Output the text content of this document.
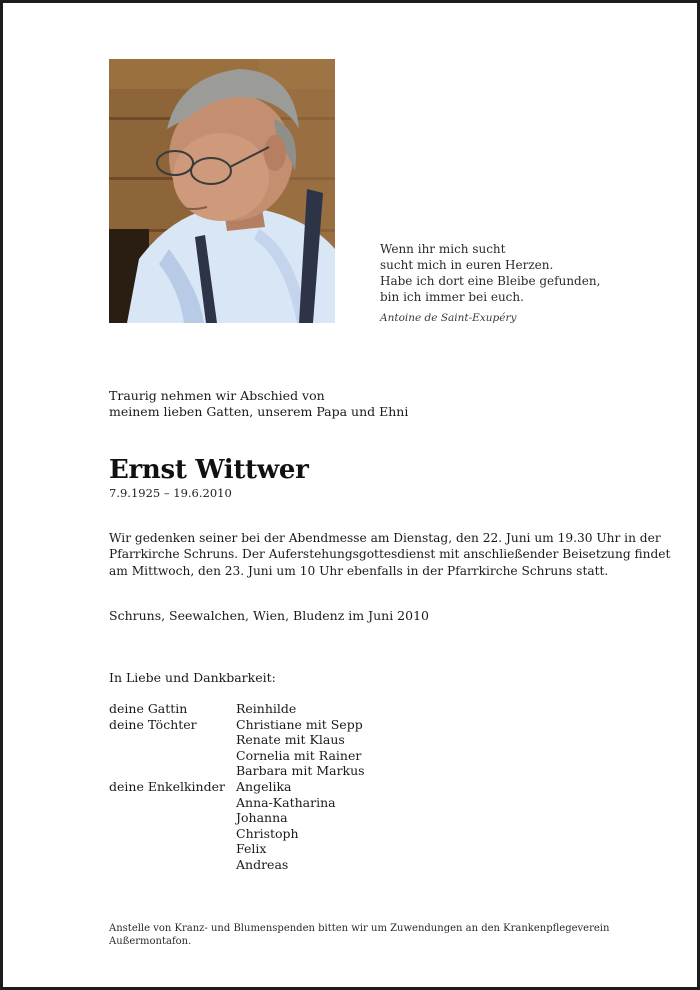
Wenn ihr mich sucht
sucht mich in euren Herzen.
Habe ich dort eine Bleibe gefunden,
bin ich immer bei euch.
Antoine de Saint-Exupéry
Traurig nehmen wir Abschied von
meinem lieben Gatten, unserem Papa und Ehni
Ernst Wittwer
7.9.1925 – 19.6.2010
Wir gedenken seiner bei der Abendmesse am Dienstag, den 22. Juni um 19.30 Uhr in der
Pfarrkirche Schruns. Der Auferstehungsgottesdienst mit anschließender Beisetzung findet
am Mittwoch, den 23. Juni um 10 Uhr ebenfalls in der Pfarrkirche Schruns statt.
Schruns, Seewalchen, Wien, Bludenz im Juni 2010
In Liebe und Dankbarkeit:
deine Gattin	Reinhilde
deine Töchter	Christiane mit Sepp
Renate mit Klaus
Cornelia mit Rainer
Barbara mit Markus
deine Enkelkinder Angelika
Anna-Katharina
Johanna
Christoph
Felix
Andreas
Anstelle von Kranz- und Blumenspenden bitten wir um Zuwendungen an den Krankenpflegeverein
Außermontafon.
